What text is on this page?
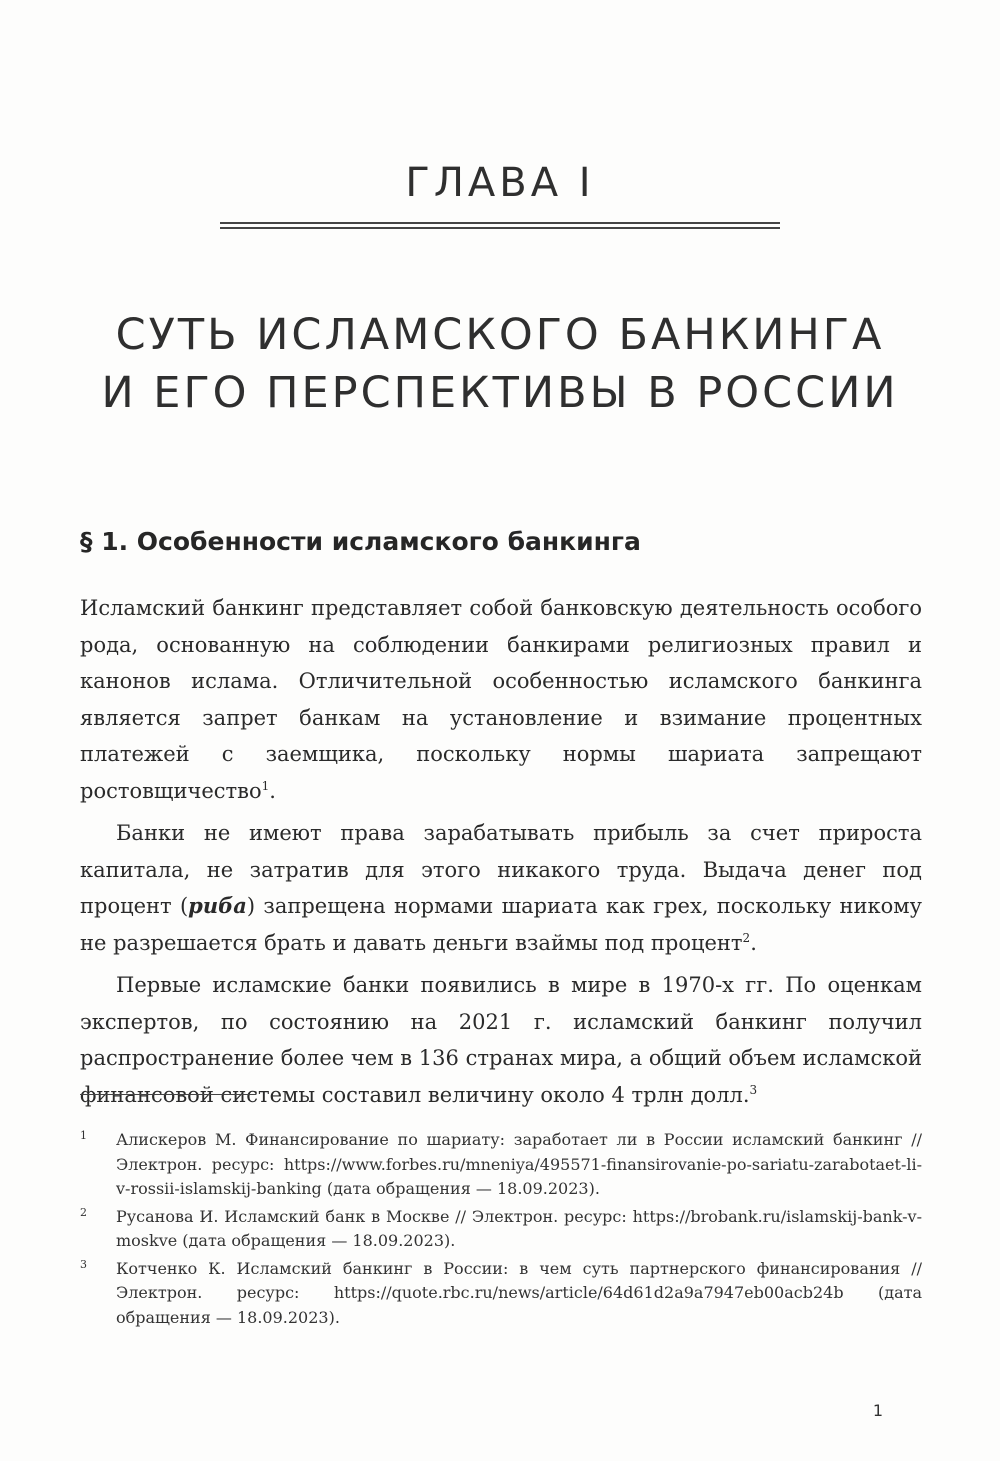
ГЛАВА I
СУТЬ ИСЛАМСКОГО БАНКИНГА
И ЕГО ПЕРСПЕКТИВЫ В РОССИИ
§ 1. Особенности исламского банкинга

Исламский банкинг представляет собой банковскую деятельность особого рода, основанную на соблюдении банкирами религиозных правил и канонов ислама. Отличительной особенностью исламского банкинга является запрет банкам на установление и взимание процентных платежей с заемщика, поскольку нормы шариата запрещают ростовщичество$^1$.

Банки не имеют права зарабатывать прибыль за счет прироста капитала, не затратив для этого никакого труда. Выдача денег под процент (риба) запрещена нормами шариата как грех, поскольку никому не разрешается брать и давать деньги взаймы под процент$^2$.

Первые исламские банки появились в мире в 1970-х гг. По оценкам экспертов, по состоянию на 2021 г. исламский банкинг получил распространение более чем в 136 странах мира, а общий объем исламской финансовой системы составил величину около 4 трлн долл.$^3$

1 Алискеров М. Финансирование по шариату: заработает ли в России исламский банкинг // Электрон. ресурс: https://www.forbes.ru/mneniya/495571-finansirovanie-po-sariatu-zarabotaet-li-v-rossii-islamskij-banking (дата обращения — 18.09.2023).
2 Русанова И. Исламский банк в Москве // Электрон. ресурс: https://brobank.ru/islamskij-bank-v-moskve (дата обращения — 18.09.2023).
3 Котченко К. Исламский банкинг в России: в чем суть партнерского финансирования // Электрон. ресурс: https://quote.rbc.ru/news/article/64d61d2a9a7947eb00acb24b (дата обращения — 18.09.2023).
1
